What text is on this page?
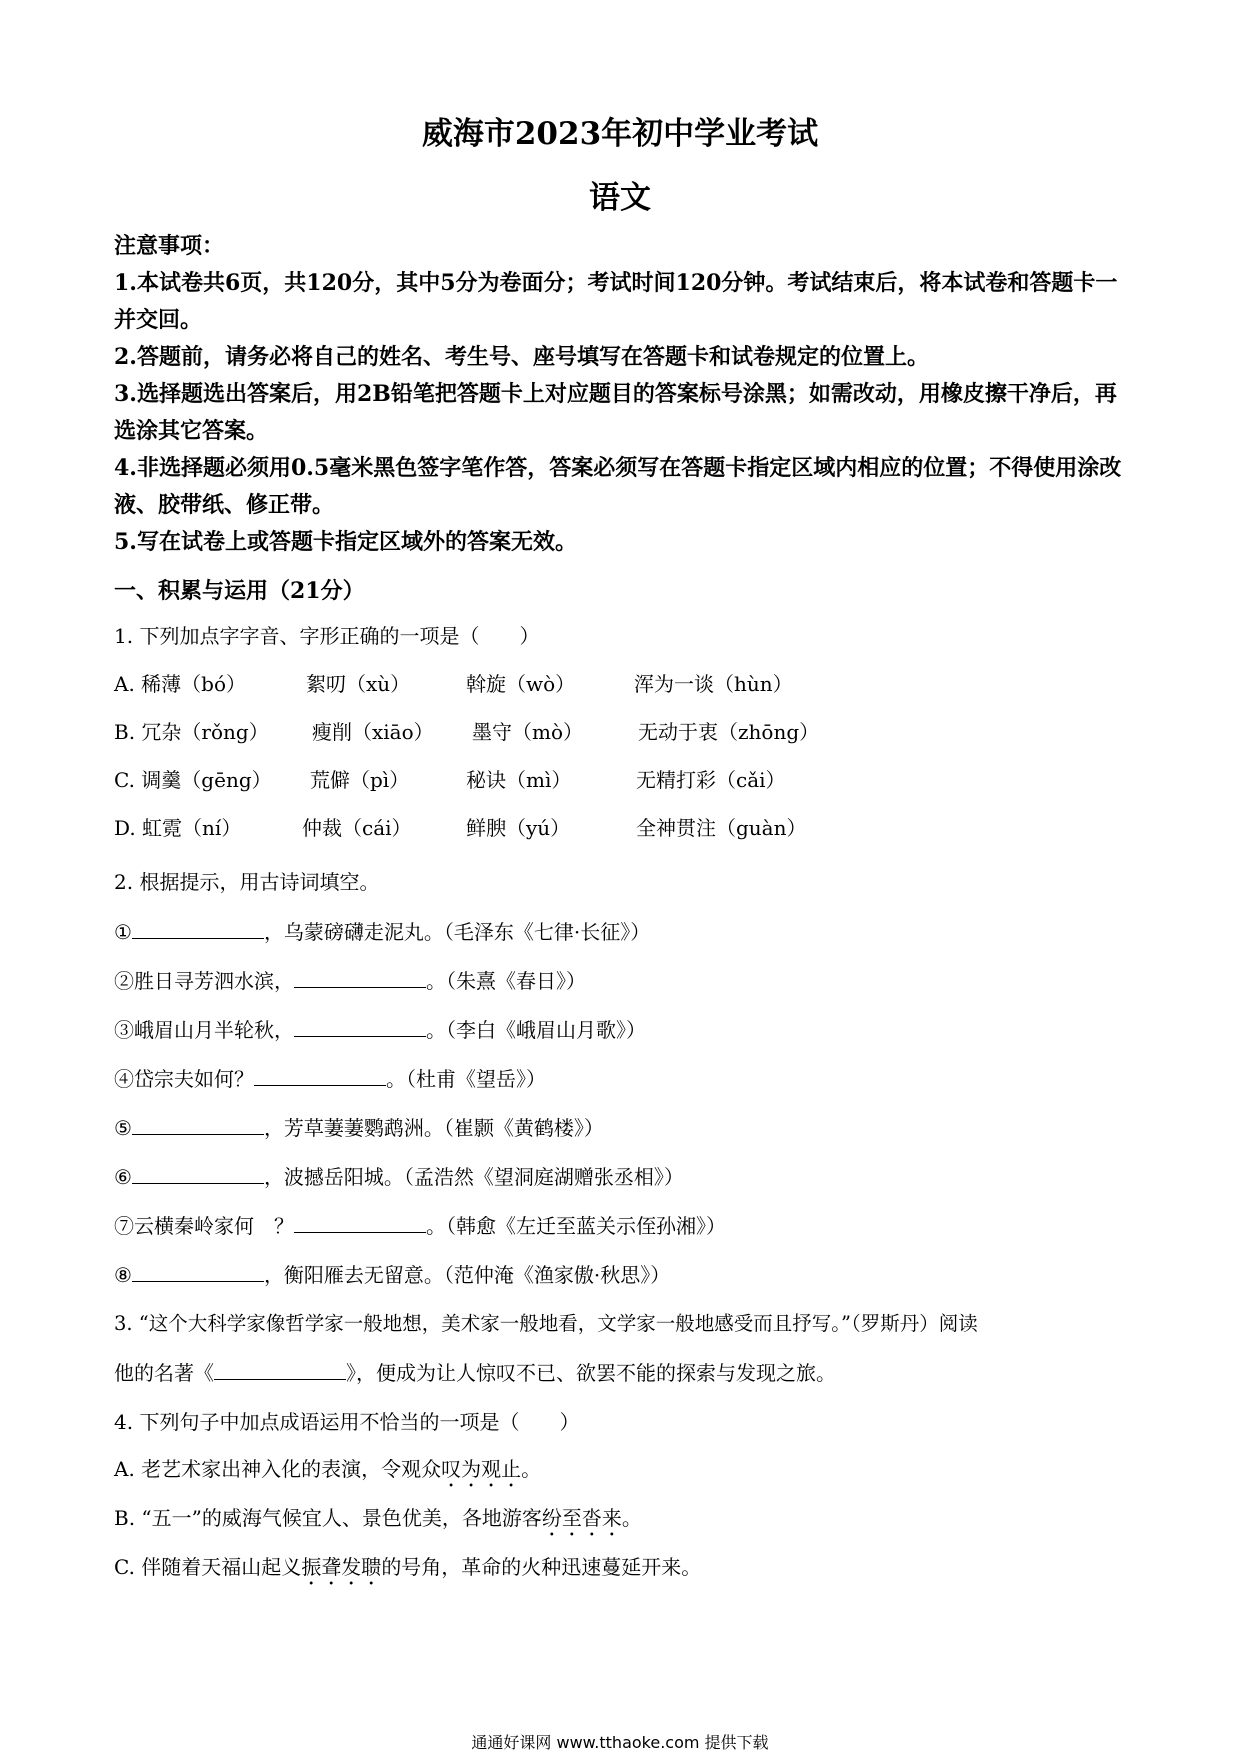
威海市2023年初中学业考试
语文

注意事项：

1.本试卷共6页，共120分，其中5分为卷面分；考试时间120分钟。考试结束后，将本试卷和答题卡一并交回。

2.答题前，请务必将自己的姓名、考生号、座号填写在答题卡和试卷规定的位置上。

3.选择题选出答案后，用2B铅笔把答题卡上对应题目的答案标号涂黑；如需改动，用橡皮擦干净后，再选涂其它答案。

4.非选择题必须用0.5毫米黑色签字笔作答，答案必须写在答题卡指定区域内相应的位置；不得使用涂改液、胶带纸、修正带。

5.写在试卷上或答题卡指定区域外的答案无效。

一、积累与运用（21分）
1. 下列加点字字音、字形正确的一项是（　　）
A. 稀薄（bó）	絮叨（xù）	斡旋（wò）	浑为一谈（hùn）
B. 冗杂（rǒng） 瘦削（xiāo） 墨守（mò）	无动于衷（zhōng）
C. 调羹（gēng） 荒僻（pì）	秘诀（mì）	无精打彩（cǎi）
D. 虹霓（ní）	仲裁（cái）	鲜腴（yú）	全神贯注（guàn）
2. 根据提示，用古诗词填空。
①	，乌蒙磅礴走泥丸。（毛泽东《七律·长征》）
②胜日寻芳泗水滨，	。（朱熹《春日》）
③峨眉山月半轮秋，	。（李白《峨眉山月歌》）
④岱宗夫如何？	。（杜甫《望岳》）
⑤	，芳草萋萋鹦鹉洲。（崔颢《黄鹤楼》）
⑥	，波撼岳阳城。（孟浩然《望洞庭湖赠张丞相》）
⑦云横秦岭家何　？	。（韩愈《左迁至蓝关示侄孙湘》）
⑧	，衡阳雁去无留意。（范仲淹《渔家傲·秋思》）
3. “这个大科学家像哲学家一般地想，美术家一般地看，文学家一般地感受而且抒写。”（罗斯丹）阅读
他的名著《	》，便成为让人惊叹不已、欲罢不能的探索与发现之旅。
4. 下列句子中加点成语运用不恰当的一项是（　　）
A. 老艺术家出神入化的表演，令观众叹为观止。
B. “五一”的威海气候宜人、景色优美，各地游客纷至沓来。
C. 伴随着天福山起义振聋发聩的号角，革命的火种迅速蔓延开来。
通通好课网 www.tthaoke.com 提供下载
